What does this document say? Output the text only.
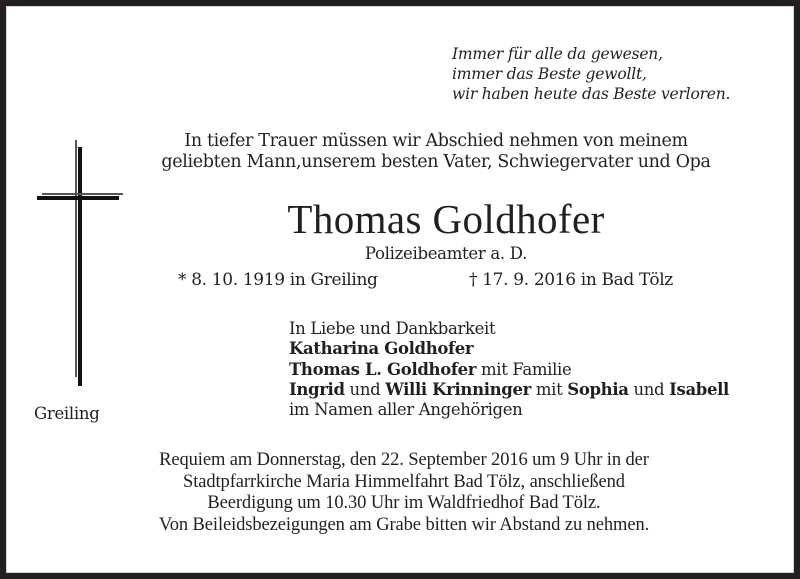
Immer für alle da gewesen,
immer das Beste gewollt,
wir haben heute das Beste verloren.
In tiefer Trauer müssen wir Abschied nehmen von meinem
geliebten Mann,unserem besten Vater, Schwiegervater und Opa
Thomas Goldhofer
Polizeibeamter a. D.
* 8. 10. 1919 in Greiling	† 17. 9. 2016 in Bad Tölz
In Liebe und Dankbarkeit
Katharina Goldhofer
Thomas L. Goldhofer mit Familie
Ingrid und Willi Krinninger mit Sophia und Isabell
im Namen aller Angehörigen
Greiling
Requiem am Donnerstag, den 22. September 2016 um 9 Uhr in der
Stadtpfarrkirche Maria Himmelfahrt Bad Tölz, anschließend
Beerdigung um 10.30 Uhr im Waldfriedhof Bad Tölz.
Von Beileidsbezeigungen am Grabe bitten wir Abstand zu nehmen.
